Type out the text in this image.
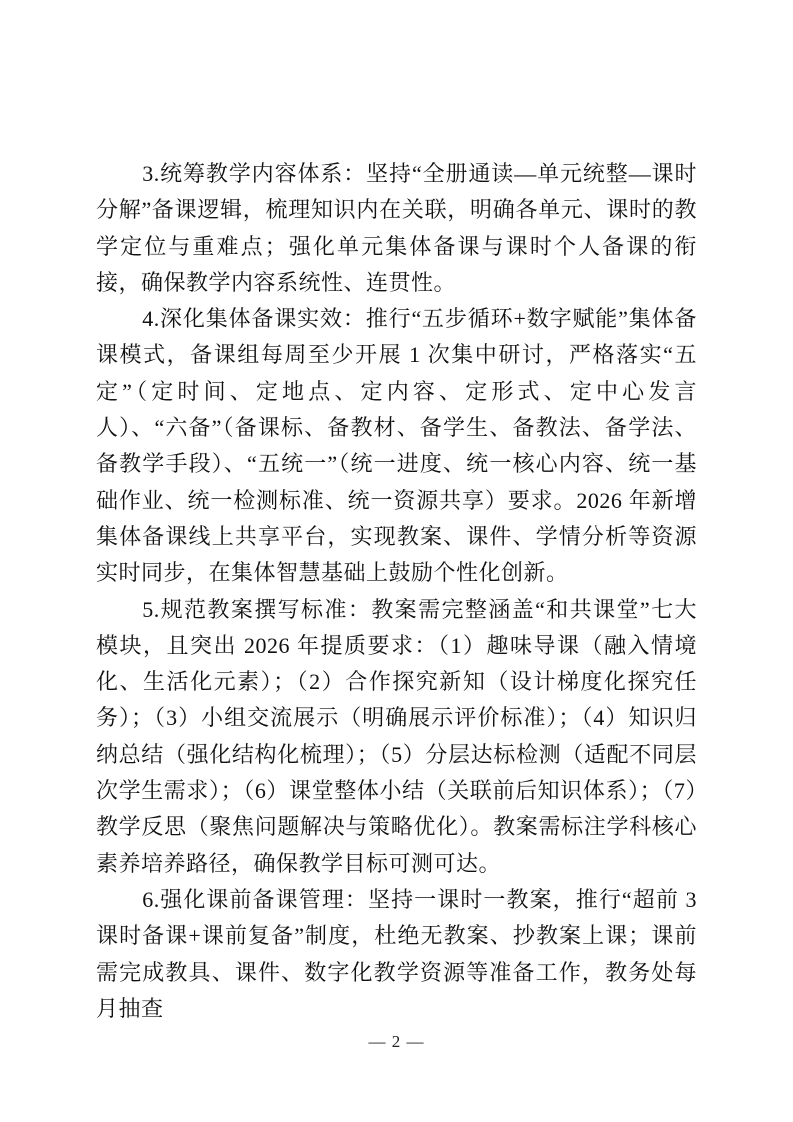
3.统筹教学内容体系：坚持“全册通读—单元统整—课时分解”备课逻辑，梳理知识内在关联，明确各单元、课时的教学定位与重难点；强化单元集体备课与课时个人备课的衔接，确保教学内容系统性、连贯性。

4.深化集体备课实效：推行“五步循环+数字赋能”集体备课模式，备课组每周至少开展 1 次集中研讨，严格落实“五定”（定时间、定地点、定内容、定形式、定中心发言人）、“六备”（备课标、备教材、备学生、备教法、备学法、备教学手段）、“五统一”（统一进度、统一核心内容、统一基础作业、统一检测标准、统一资源共享）要求。2026 年新增集体备课线上共享平台，实现教案、课件、学情分析等资源实时同步，在集体智慧基础上鼓励个性化创新。

5.规范教案撰写标准：教案需完整涵盖“和共课堂”七大模块，且突出 2026 年提质要求：（1）趣味导课（融入情境化、生活化元素）；（2）合作探究新知（设计梯度化探究任务）；（3）小组交流展示（明确展示评价标准）；（4）知识归纳总结（强化结构化梳理）；（5）分层达标检测（适配不同层次学生需求）；（6）课堂整体小结（关联前后知识体系）；（7）教学反思（聚焦问题解决与策略优化）。教案需标注学科核心素养培养路径，确保教学目标可测可达。

6.强化课前备课管理：坚持一课时一教案，推行“超前 3 课时备课+课前复备”制度，杜绝无教案、抄教案上课；课前需完成教具、课件、数字化教学资源等准备工作，教务处每月抽查

— 2 —
